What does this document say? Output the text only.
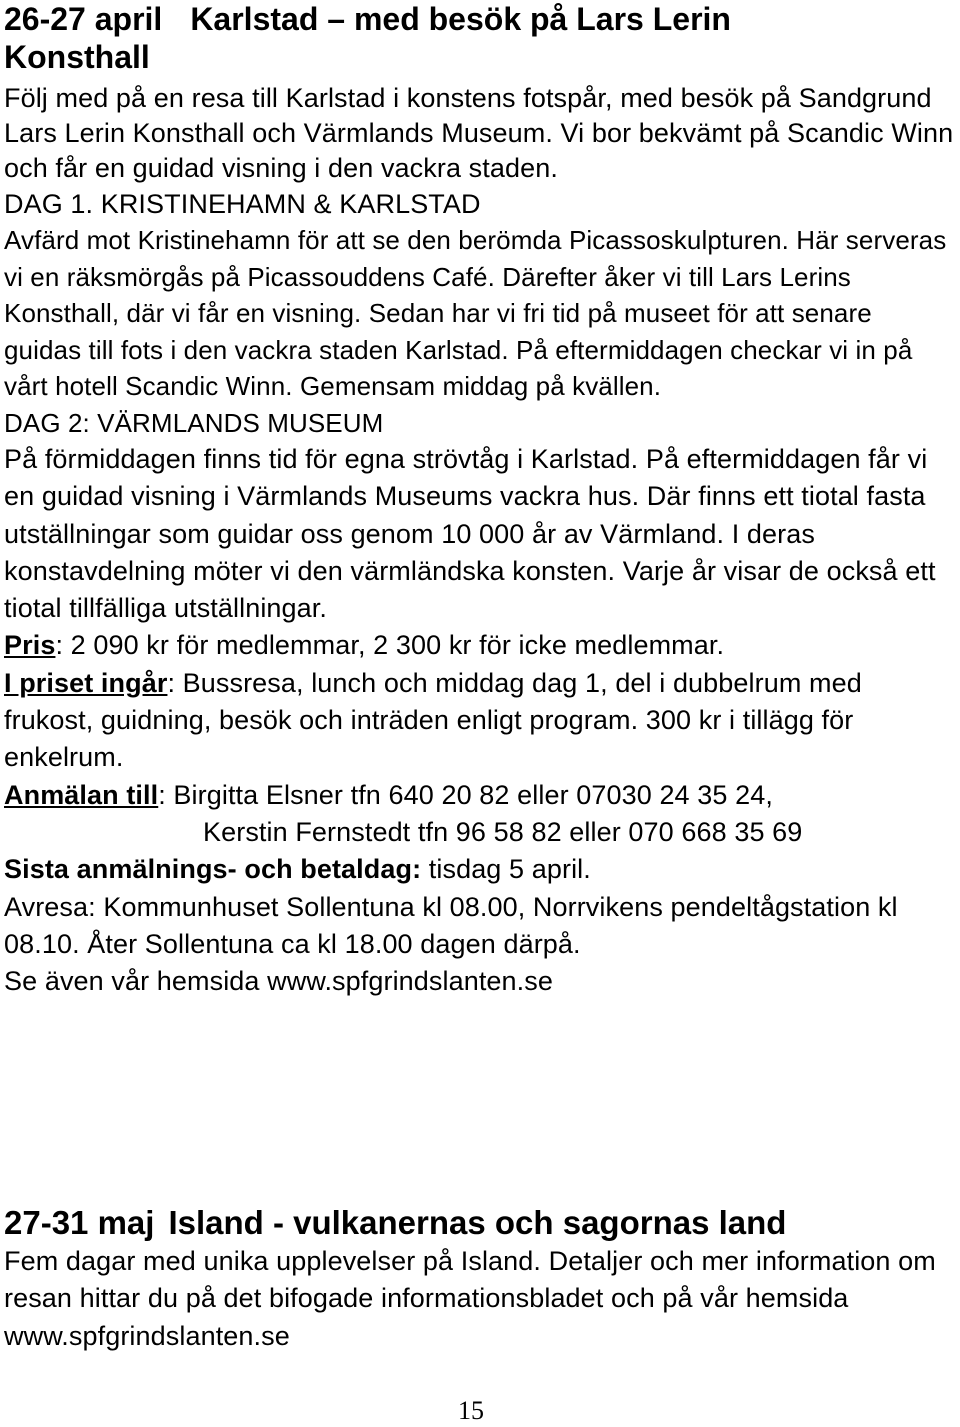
26-27 april Karlstad – med besök på Lars Lerin
Konsthall

Följ med på en resa till Karlstad i konstens fotspår, med besök på Sandgrund Lars Lerin Konsthall och Värmlands Museum. Vi bor bekvämt på Scandic Winn och får en guidad visning i den vackra staden.

DAG 1. KRISTINEHAMN & KARLSTAD

Avfärd mot Kristinehamn för att se den berömda Picassoskulpturen. Här serveras vi en räksmörgås på Picassouddens Café. Därefter åker vi till Lars Lerins Konsthall, där vi får en visning. Sedan har vi fri tid på museet för att senare guidas till fots i den vackra staden Karlstad. På eftermiddagen checkar vi in på vårt hotell Scandic Winn. Gemensam middag på kvällen.

DAG 2: VÄRMLANDS MUSEUM

På förmiddagen finns tid för egna strövtåg i Karlstad. På eftermiddagen får vi en guidad visning i Värmlands Museums vackra hus. Där finns ett tiotal fasta utställningar som guidar oss genom 10 000 år av Värmland. I deras konstavdelning möter vi den värmländska konsten. Varje år visar de också ett tiotal tillfälliga utställningar.

Pris: 2 090 kr för medlemmar, 2 300 kr för icke medlemmar.

I priset ingår: Bussresa, lunch och middag dag 1, del i dubbelrum med frukost, guidning, besök och inträden enligt program. 300 kr i tillägg för enkelrum.

Anmälan till: Birgitta Elsner tfn 640 20 82 eller 07030 24 35 24,

Kerstin Fernstedt tfn 96 58 82 eller 070 668 35 69

Sista anmälnings- och betaldag: tisdag 5 april.

Avresa: Kommunhuset Sollentuna kl 08.00, Norrvikens pendeltågstation kl 08.10. Åter Sollentuna ca kl 18.00 dagen därpå.

Se även vår hemsida www.spfgrindslanten.se

27-31 maj Island - vulkanernas och sagornas land

Fem dagar med unika upplevelser på Island. Detaljer och mer information om resan hittar du på det bifogade informationsbladet och på vår hemsida www.spfgrindslanten.se

15
